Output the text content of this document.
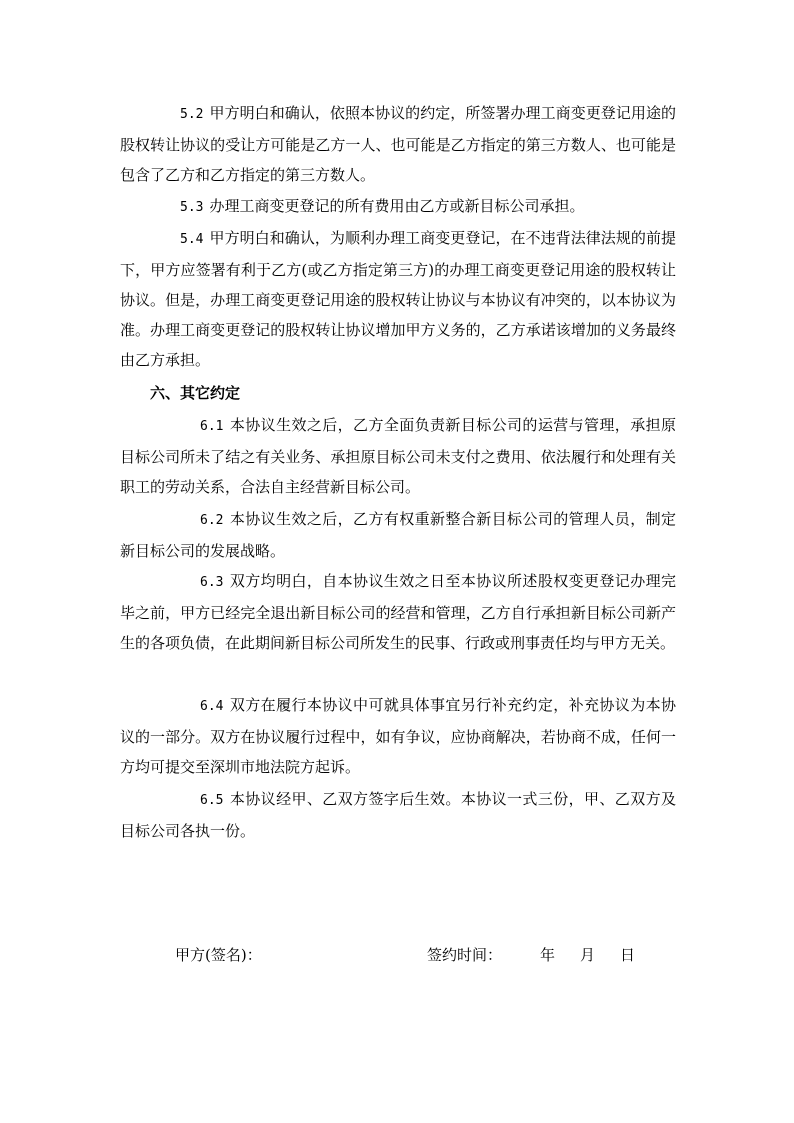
5.2 甲方明白和确认，依照本协议的约定，所签署办理工商变更登记用途的股权转让协议的受让方可能是乙方一人、也可能是乙方指定的第三方数人、也可能是包含了乙方和乙方指定的第三方数人。

5.3 办理工商变更登记的所有费用由乙方或新目标公司承担。

5.4 甲方明白和确认，为顺利办理工商变更登记，在不违背法律法规的前提下，甲方应签署有利于乙方(或乙方指定第三方)的办理工商变更登记用途的股权转让协议。但是，办理工商变更登记用途的股权转让协议与本协议有冲突的，以本协议为准。办理工商变更登记的股权转让协议增加甲方义务的，乙方承诺该增加的义务最终由乙方承担。

六、其它约定

6.1 本协议生效之后，乙方全面负责新目标公司的运营与管理，承担原目标公司所未了结之有关业务、承担原目标公司未支付之费用、依法履行和处理有关职工的劳动关系，合法自主经营新目标公司。

6.2 本协议生效之后，乙方有权重新整合新目标公司的管理人员，制定新目标公司的发展战略。

6.3 双方均明白，自本协议生效之日至本协议所述股权变更登记办理完毕之前，甲方已经完全退出新目标公司的经营和管理，乙方自行承担新目标公司新产生的各项负债，在此期间新目标公司所发生的民事、行政或刑事责任均与甲方无关。

6.4 双方在履行本协议中可就具体事宜另行补充约定，补充协议为本协议的一部分。双方在协议履行过程中，如有争议，应协商解决，若协商不成，任何一方均可提交至深圳市地法院方起诉。

6.5 本协议经甲、乙双方签字后生效。本协议一式三份，甲、乙双方及目标公司各执一份。

甲方(签名)：	签约时间：	年 月 日
